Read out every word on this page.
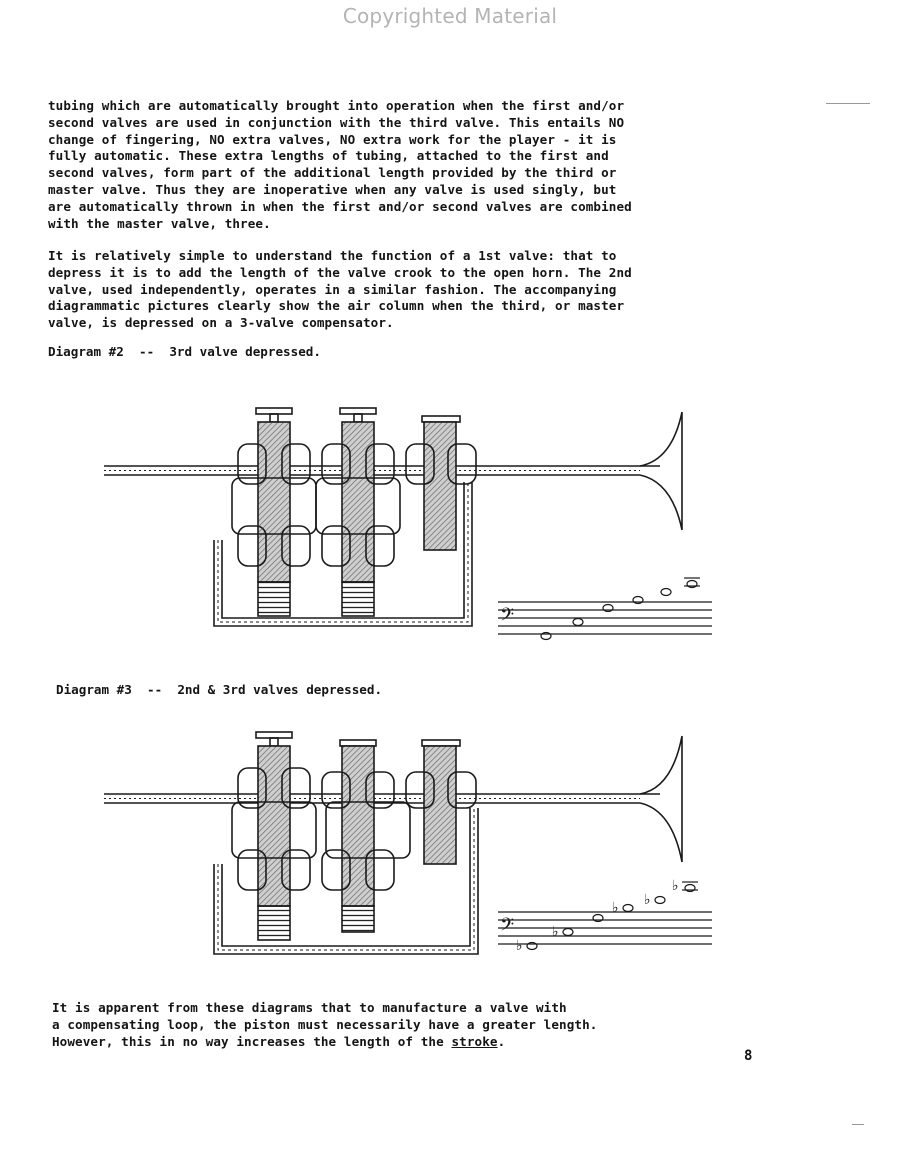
Copyrighted Material
tubing which are automatically brought into operation when the first and/or
second valves are used in conjunction with the third valve. This entails NO
change of fingering, NO extra valves, NO extra work for the player - it is
fully automatic. These extra lengths of tubing, attached to the first and
second valves, form part of the additional length provided by the third or
master valve. Thus they are inoperative when any valve is used singly, but
are automatically thrown in when the first and/or second valves are combined
with the master valve, three.
It is relatively simple to understand the function of a 1st valve: that to
depress it is to add the length of the valve crook to the open horn. The 2nd
valve, used independently, operates in a similar fashion. The accompanying
diagrammatic pictures clearly show the air column when the third, or master
valve, is depressed on a 3-valve compensator.
Diagram #2  --  3rd valve depressed.
𝄢
Diagram #3  --  2nd & 3rd valves depressed.
𝄢
♭
♭
♭ ♭
♭
It is apparent from these diagrams that to manufacture a valve with
a compensating loop, the piston must necessarily have a greater length.
However, this in no way increases the length of the stroke.
8
